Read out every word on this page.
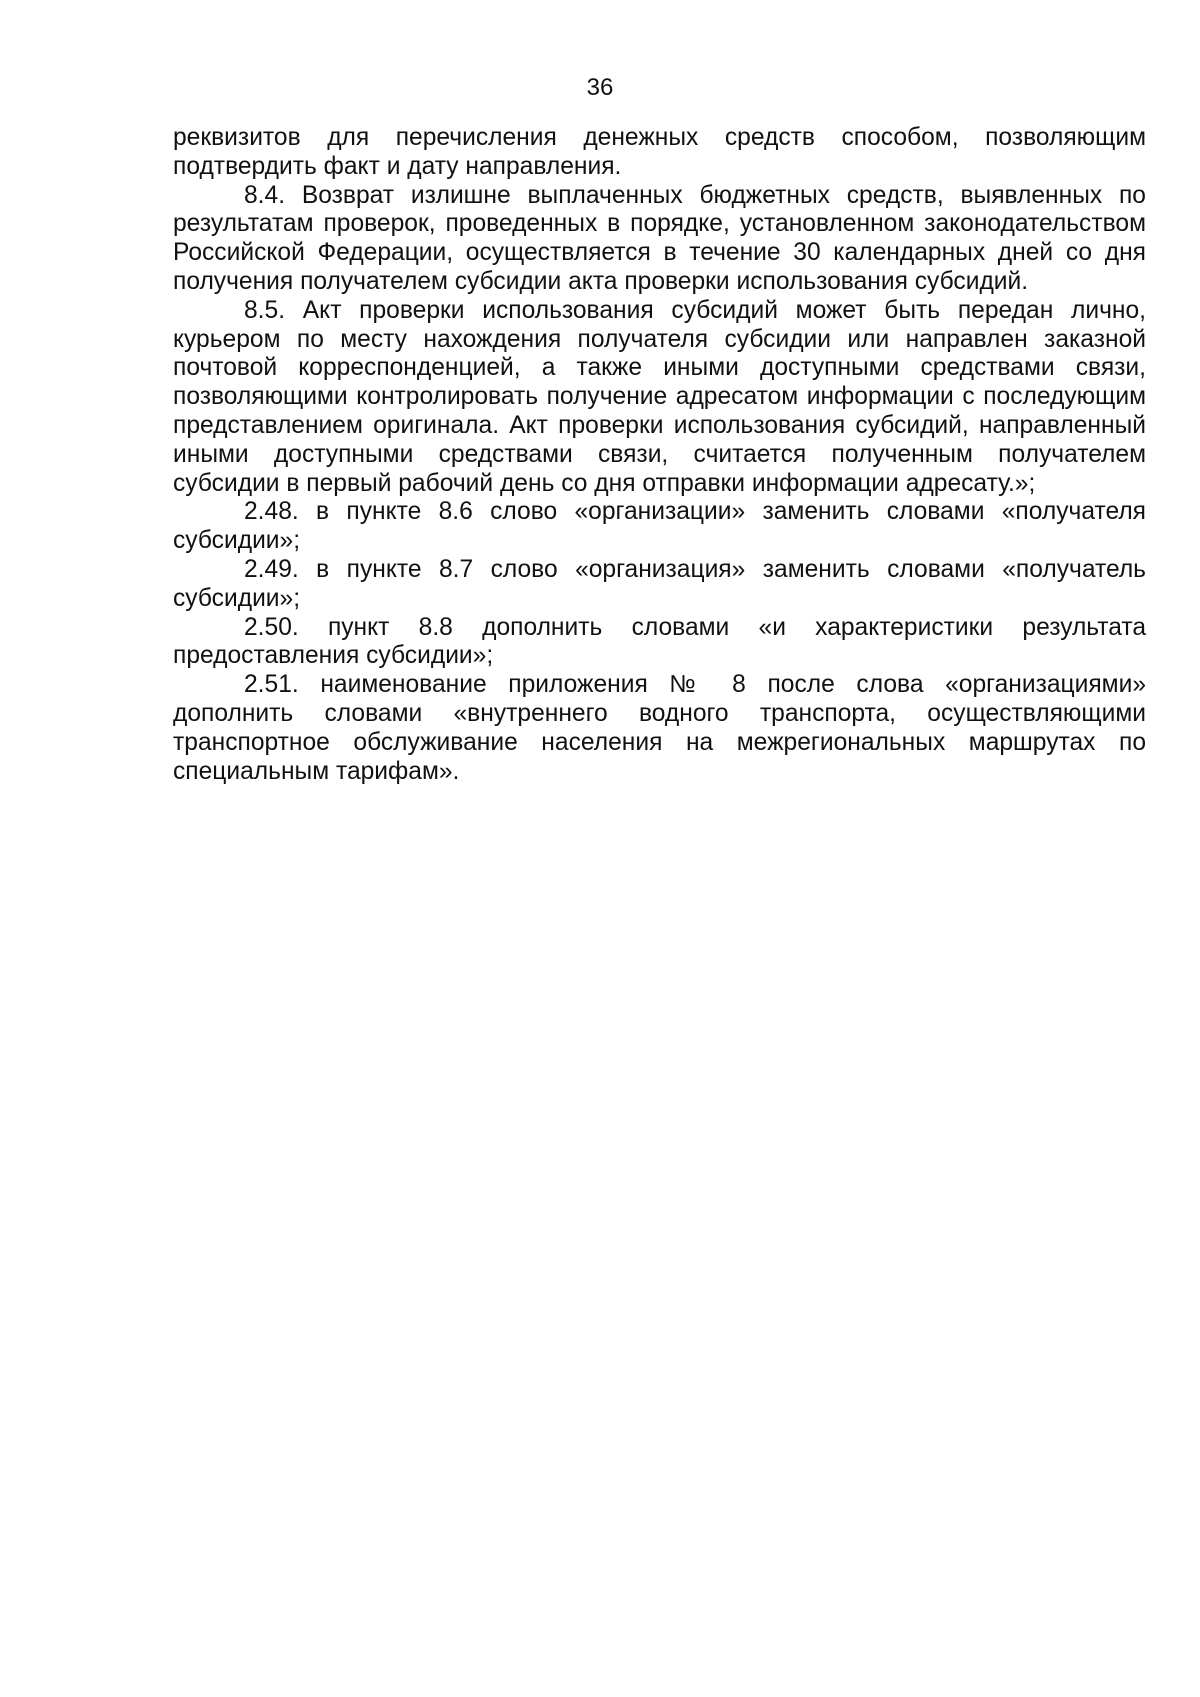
36

реквизитов для перечисления денежных средств способом, позволяющим подтвердить факт и дату направления.

8.4. Возврат излишне выплаченных бюджетных средств, выявленных по результатам проверок, проведенных в порядке, установленном законодательством Российской Федерации, осуществляется в течение 30 календарных дней со дня получения получателем субсидии акта проверки использования субсидий.

8.5. Акт проверки использования субсидий может быть передан лично, курьером по месту нахождения получателя субсидии или направлен заказной почтовой корреспонденцией, а также иными доступными средствами связи, позволяющими контролировать получение адресатом информации с последующим представлением оригинала. Акт проверки использования субсидий, направленный иными доступными средствами связи, считается полученным получателем субсидии в первый рабочий день со дня отправки информации адресату.»;

2.48. в пункте 8.6 слово «организации» заменить словами «получателя субсидии»;

2.49. в пункте 8.7 слово «организация» заменить словами «получатель субсидии»;

2.50. пункт 8.8 дополнить словами «и характеристики результата предоставления субсидии»;

2.51. наименование приложения № 8 после слова «организациями» дополнить словами «внутреннего водного транспорта, осуществляющими транспортное обслуживание населения на межрегиональных маршрутах по специальным тарифам».
